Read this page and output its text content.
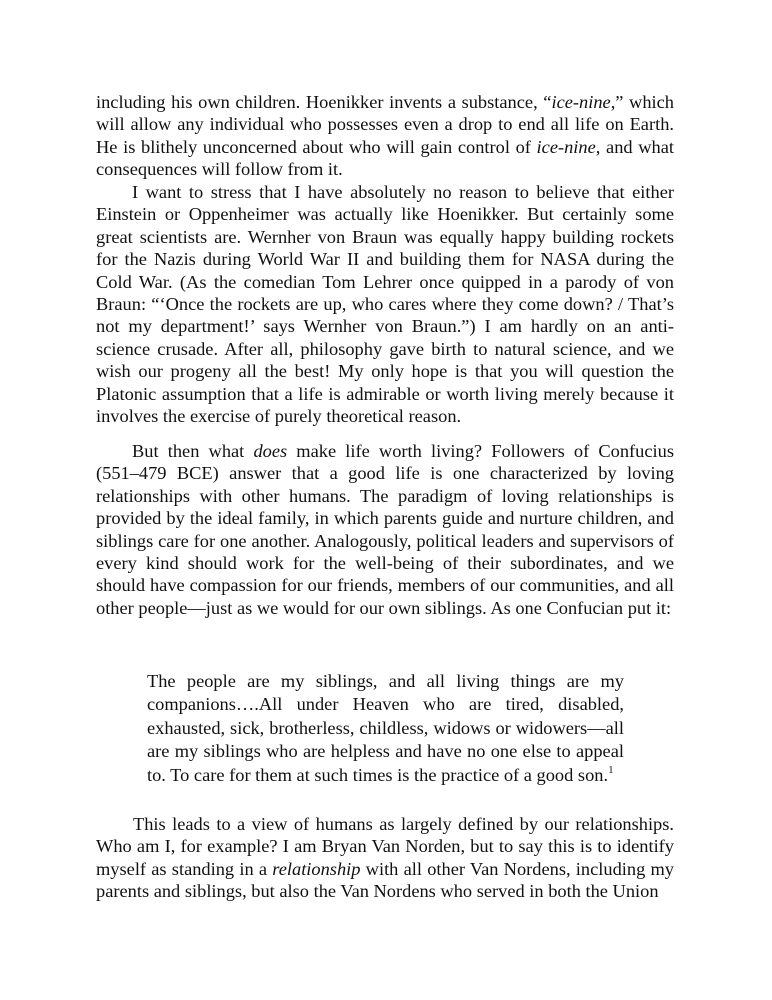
including his own children. Hoenikker invents a substance, “ice-nine,” which will allow any individual who possesses even a drop to end all life on Earth. He is blithely unconcerned about who will gain control of ice-nine, and what consequences will follow from it.

I want to stress that I have absolutely no reason to believe that either Einstein or Oppenheimer was actually like Hoenikker. But certainly some great scientists are. Wernher von Braun was equally happy building rockets for the Nazis during World War II and building them for NASA during the Cold War. (As the comedian Tom Lehrer once quipped in a parody of von Braun: “‘Once the rockets are up, who cares where they come down? / That’s not my department!’ says Wernher von Braun.”) I am hardly on an anti-science crusade. After all, philosophy gave birth to natural science, and we wish our progeny all the best! My only hope is that you will question the Platonic assumption that a life is admirable or worth living merely because it involves the exercise of purely theoretical reason.

But then what does make life worth living? Followers of Confucius (551–479 BCE) answer that a good life is one characterized by loving relationships with other humans. The paradigm of loving relationships is provided by the ideal family, in which parents guide and nurture children, and siblings care for one another. Analogously, political leaders and supervisors of every kind should work for the well-being of their subordinates, and we should have compassion for our friends, members of our communities, and all other people—just as we would for our own siblings. As one Confucian put it:

The people are my siblings, and all living things are my companions….All under Heaven who are tired, disabled, exhausted, sick, brotherless, childless, widows or widowers—all are my siblings who are helpless and have no one else to appeal to. To care for them at such times is the practice of a good son.$^1$

This leads to a view of humans as largely defined by our relationships. Who am I, for example? I am Bryan Van Norden, but to say this is to identify myself as standing in a relationship with all other Van Nordens, including my parents and siblings, but also the Van Nordens who served in both the Union
